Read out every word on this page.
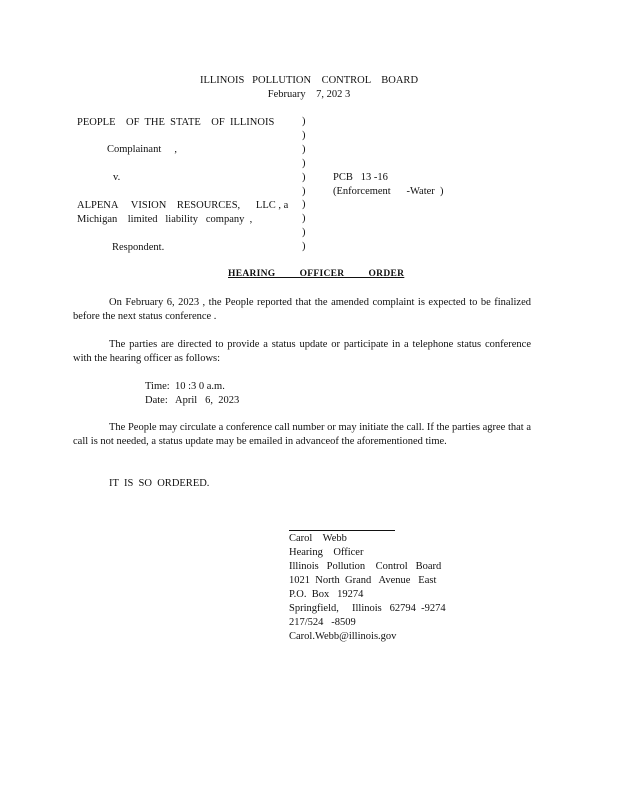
ILLINOIS   POLLUTION    CONTROL    BOARD
February    7, 202 3
PEOPLE    OF  THE  STATE    OF  ILLINOIS
Complainant     ,
v.
ALPENA     VISION    RESOURCES,      LLC , a
Michigan    limited   liability   company  ,
Respondent.
)
)
)
)
)
)
)
)
)
)
PCB   13 -16
(Enforcement      -Water  )
HEARING         OFFICER         ORDER
On February 6, 2023 , the People reported that the amended complaint is expected to be finalized before the next status conference .
The parties are directed to provide a status update or participate in a telephone status conference with the hearing officer as follows:
Time:  10 :3 0 a.m.
Date:   April   6,  2023
The People may circulate a conference call number or may initiate the call. If the parties agree that a call is not needed, a status update may be emailed in advanceof the aforementioned time.
IT  IS  SO  ORDERED.
Carol    Webb
Hearing    Officer
Illinois   Pollution    Control   Board
1021  North  Grand   Avenue   East
P.O.  Box   19274
Springfield,     Illinois   62794  -9274
217/524   -8509
Carol.Webb@illinois.gov
